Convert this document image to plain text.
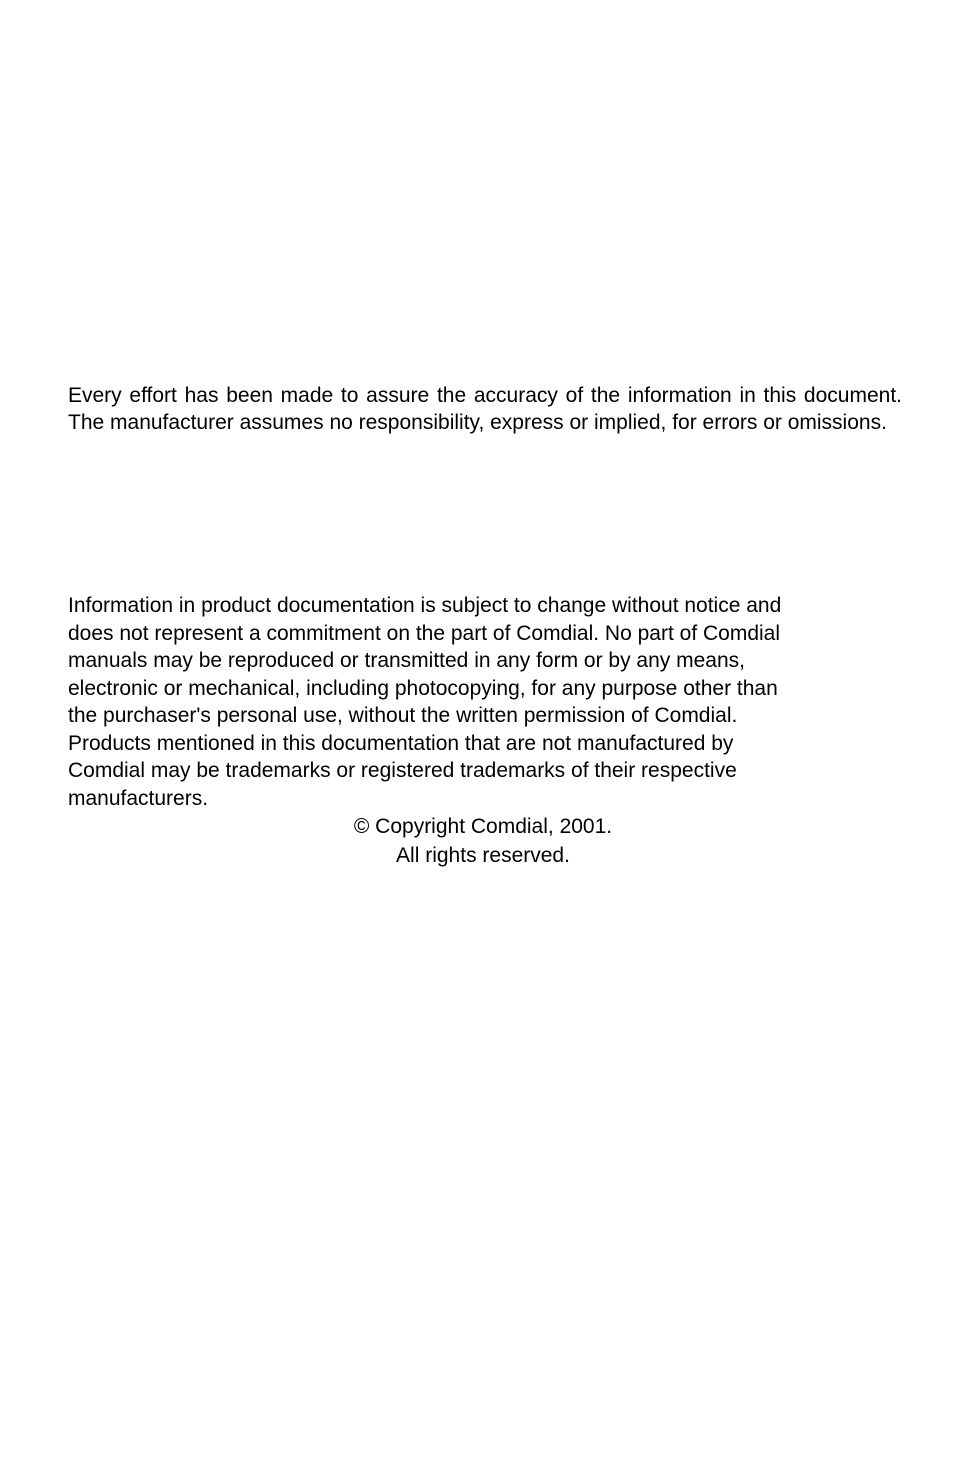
Every effort has been made to assure the accuracy of the information in this document. The manufacturer assumes no responsibility, express or implied, for errors or omissions.

Information in product documentation is subject to change without notice and
does not represent a commitment on the part of Comdial. No part of Comdial
manuals may be reproduced or transmitted in any form or by any means,
electronic or mechanical, including photocopying, for any purpose other than
the purchaser's personal use, without the written permission of Comdial.
Products mentioned in this documentation that are not manufactured by
Comdial may be trademarks or registered trademarks of their respective
manufacturers.
© Copyright Comdial, 2001.
All rights reserved.
